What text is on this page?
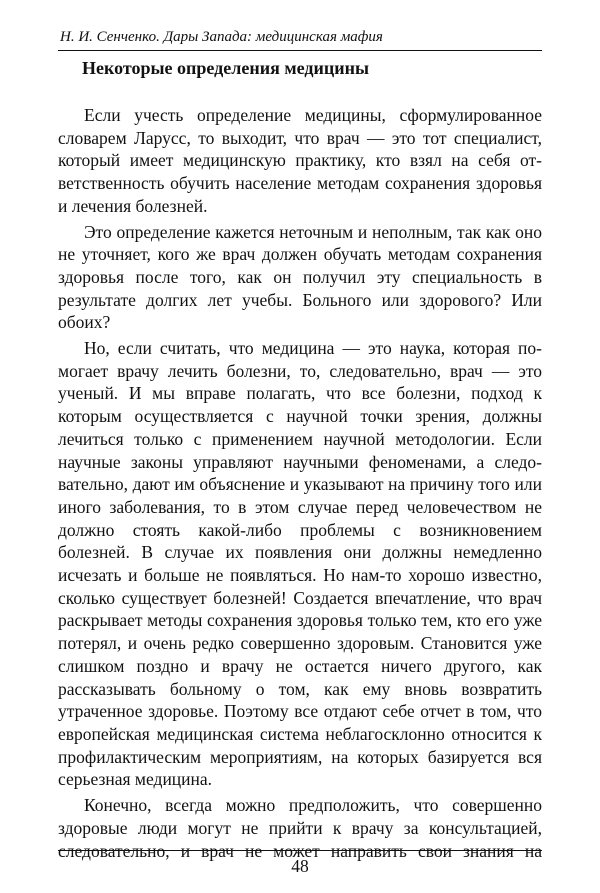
Н. И. Сенченко. Дары Запада: медицинская мафия
Некоторые определения медицины

Если учесть определение медицины, сформулированное словарем Ларусс, то выходит, что врач — это тот специалист, который имеет медицинскую практику, кто взял на себя ответственность обучить население методам сохранения здоровья и лечения болезней.

Это определение кажется неточным и неполным, так как оно не уточняет, кого же врач должен обучать методам сохранения здоровья после того, как он получил эту специальность в результате долгих лет учебы. Больного или здорового? Или обоих?

Но, если считать, что медицина — это наука, которая помогает врачу лечить болезни, то, следовательно, врач — это ученый. И мы вправе полагать, что все болезни, подход к которым осуществляется с научной точки зрения, должны лечиться только с применением научной методологии. Если научные законы управляют научными феноменами, а следовательно, дают им объяснение и указывают на причину того или иного заболевания, то в этом случае перед человечеством не должно стоять какой-либо проблемы с возникновением болезней. В случае их появления они должны немедленно исчезать и больше не появляться. Но нам-то хорошо известно, сколько существует болезней! Создается впечатление, что врач раскрывает методы сохранения здоровья только тем, кто его уже потерял, и очень редко совершенно здоровым. Становится уже слишком поздно и врачу не остается ничего другого, как рассказывать больному о том, как ему вновь возвратить утраченное здоровье. Поэтому все отдают себе отчет в том, что европейская медицинская система неблагосклонно относится к профилактическим мероприятиям, на которых базируется вся серьезная медицина.

Конечно, всегда можно предположить, что совершенно здоровые люди могут не прийти к врачу за консультацией, следовательно, и врач не может направить свои знания на

48
